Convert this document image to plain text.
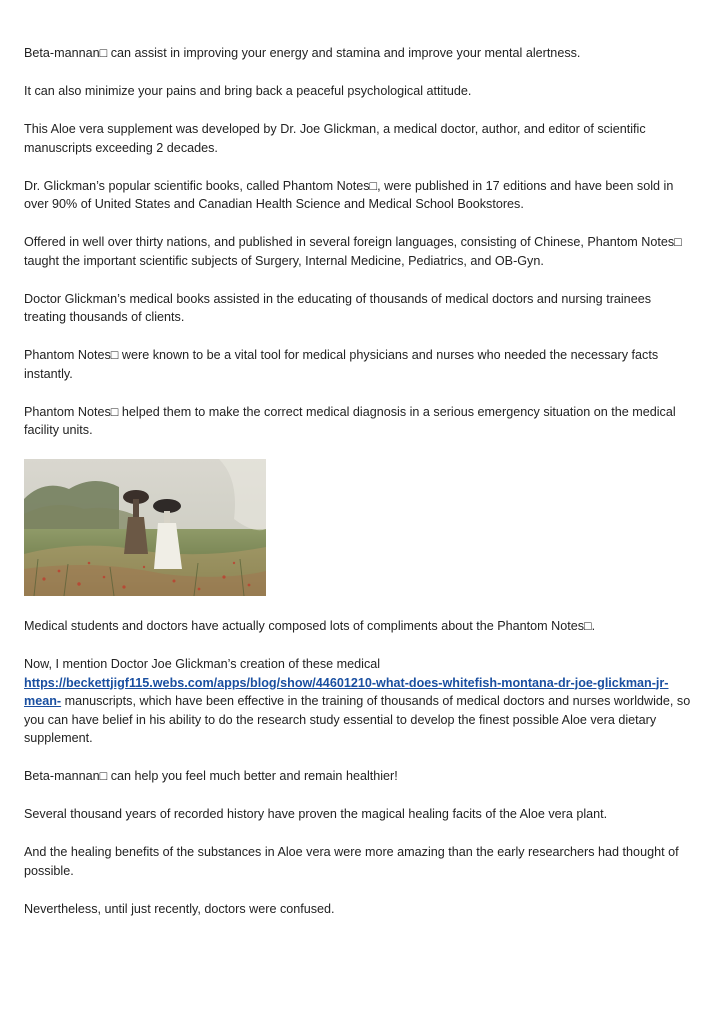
Beta-mannan□ can assist in improving your energy and stamina and improve your mental alertness.

It can also minimize your pains and bring back a peaceful psychological attitude.

This Aloe vera supplement was developed by Dr. Joe Glickman, a medical doctor, author, and editor of scientific manuscripts exceeding 2 decades.

Dr. Glickman’s popular scientific books, called Phantom Notes□, were published in 17 editions and have been sold in over 90% of United States and Canadian Health Science and Medical School Bookstores.

Offered in well over thirty nations, and published in several foreign languages, consisting of Chinese, Phantom Notes□ taught the important scientific subjects of Surgery, Internal Medicine, Pediatrics, and OB-Gyn.

Doctor Glickman’s medical books assisted in the educating of thousands of medical doctors and nursing trainees treating thousands of clients.

Phantom Notes□ were known to be a vital tool for medical physicians and nurses who needed the necessary facts instantly.

Phantom Notes□ helped them to make the correct medical diagnosis in a serious emergency situation on the medical facility units.

Medical students and doctors have actually composed lots of compliments about the Phantom Notes□.

Now, I mention Doctor Joe Glickman’s creation of these medical https://beckettjigf115.webs.com/apps/blog/show/44601210-what-does-whitefish-montana-dr-joe-glickman-jr-mean- manuscripts, which have been effective in the training of thousands of medical doctors and nurses worldwide, so you can have belief in his ability to do the research study essential to develop the finest possible Aloe vera dietary supplement.

Beta-mannan□ can help you feel much better and remain healthier!

Several thousand years of recorded history have proven the magical healing facits of the Aloe vera plant.

And the healing benefits of the substances in Aloe vera were more amazing than the early researchers had thought of possible.

Nevertheless, until just recently, doctors were confused.
